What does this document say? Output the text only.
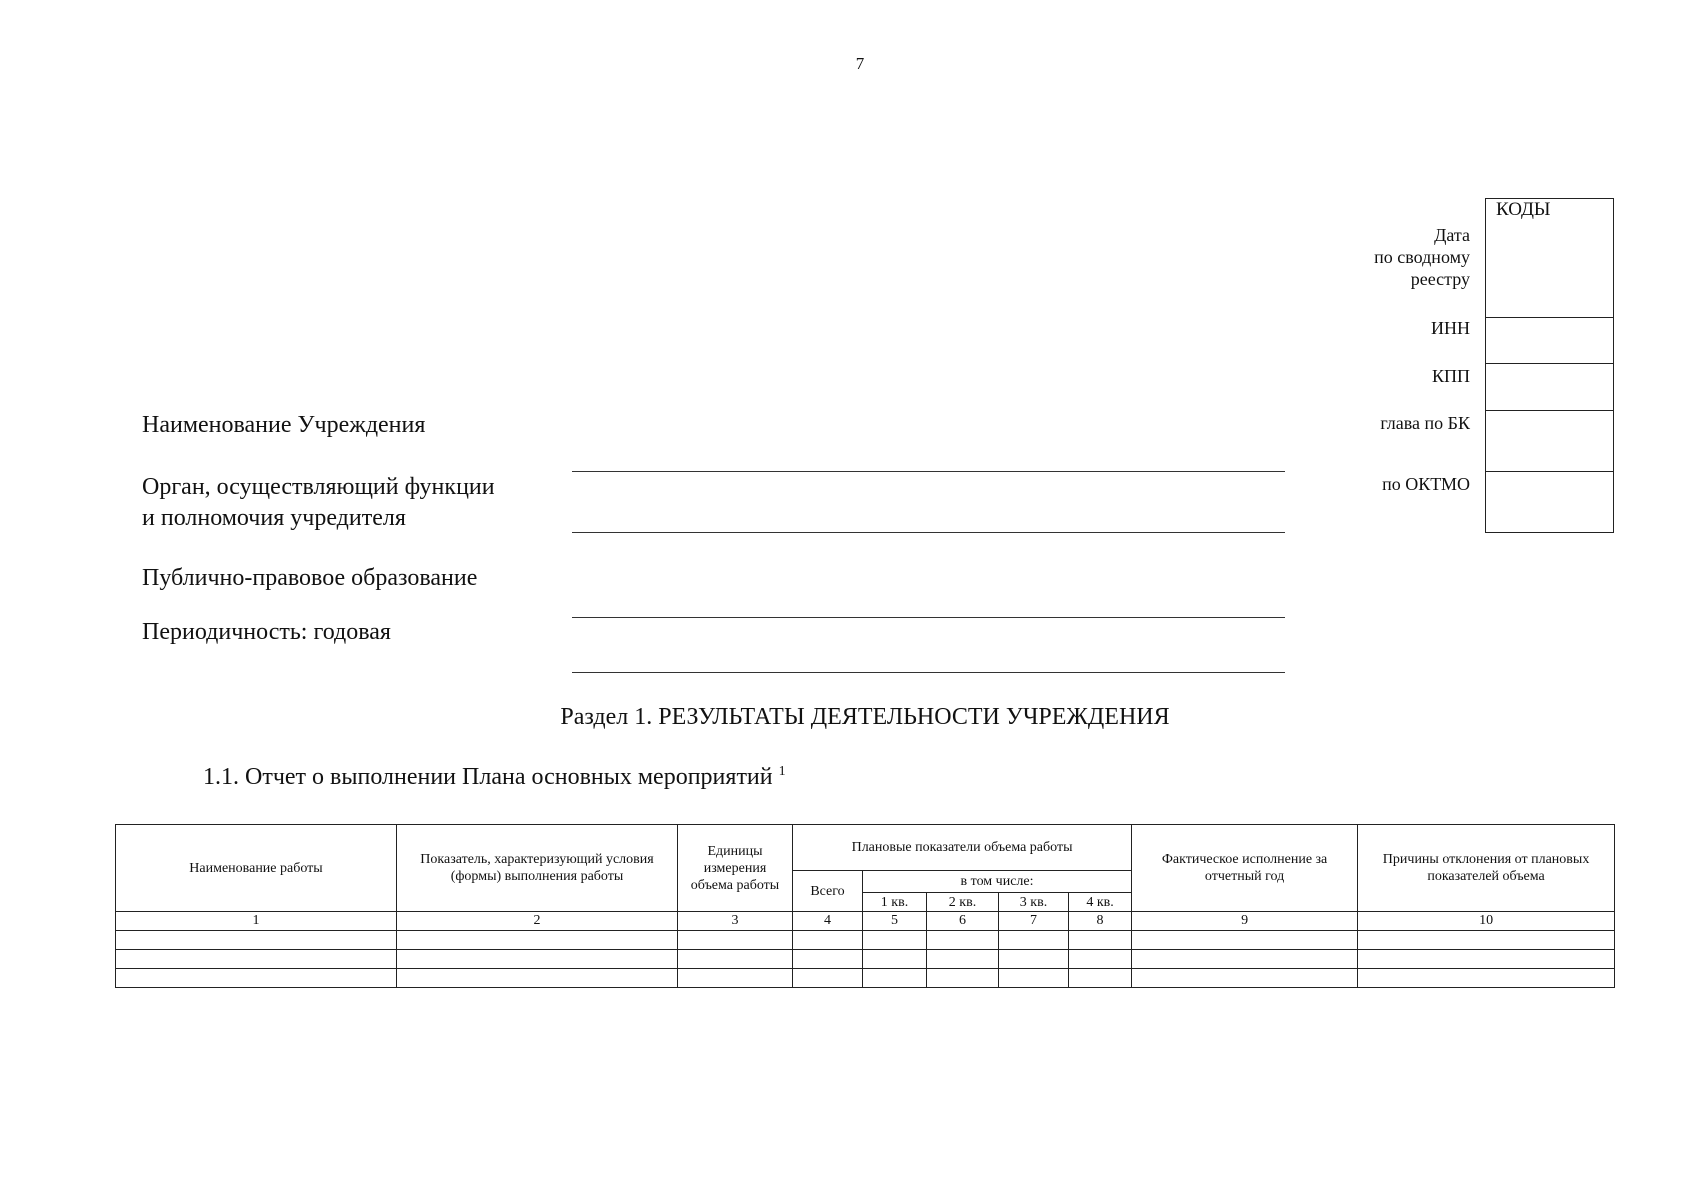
7
КОДЫ
Дата
по сводному
реестру
ИНН
КПП
глава по БК
по ОКТМО
Наименование Учреждения
Орган, осуществляющий функции
и полномочия учредителя
Публично-правовое образование
Периодичность: годовая
Раздел 1. РЕЗУЛЬТАТЫ ДЕЯТЕЛЬНОСТИ УЧРЕЖДЕНИЯ
1.1. Отчет о выполнении Плана основных мероприятий $^1$
Наименование работы	Показатель, характеризующий условия (формы) выполнения работы	Единицы измерения объема работы	Плановые показатели объема работы					Фактическое исполнение за отчетный год	Причины отклонения от плановых показателей объема
			Всего	в том числе:					
				1 кв.	2 кв.	3 кв.	4 кв.		
1	2	3	4	5	6	7	8	9	10
